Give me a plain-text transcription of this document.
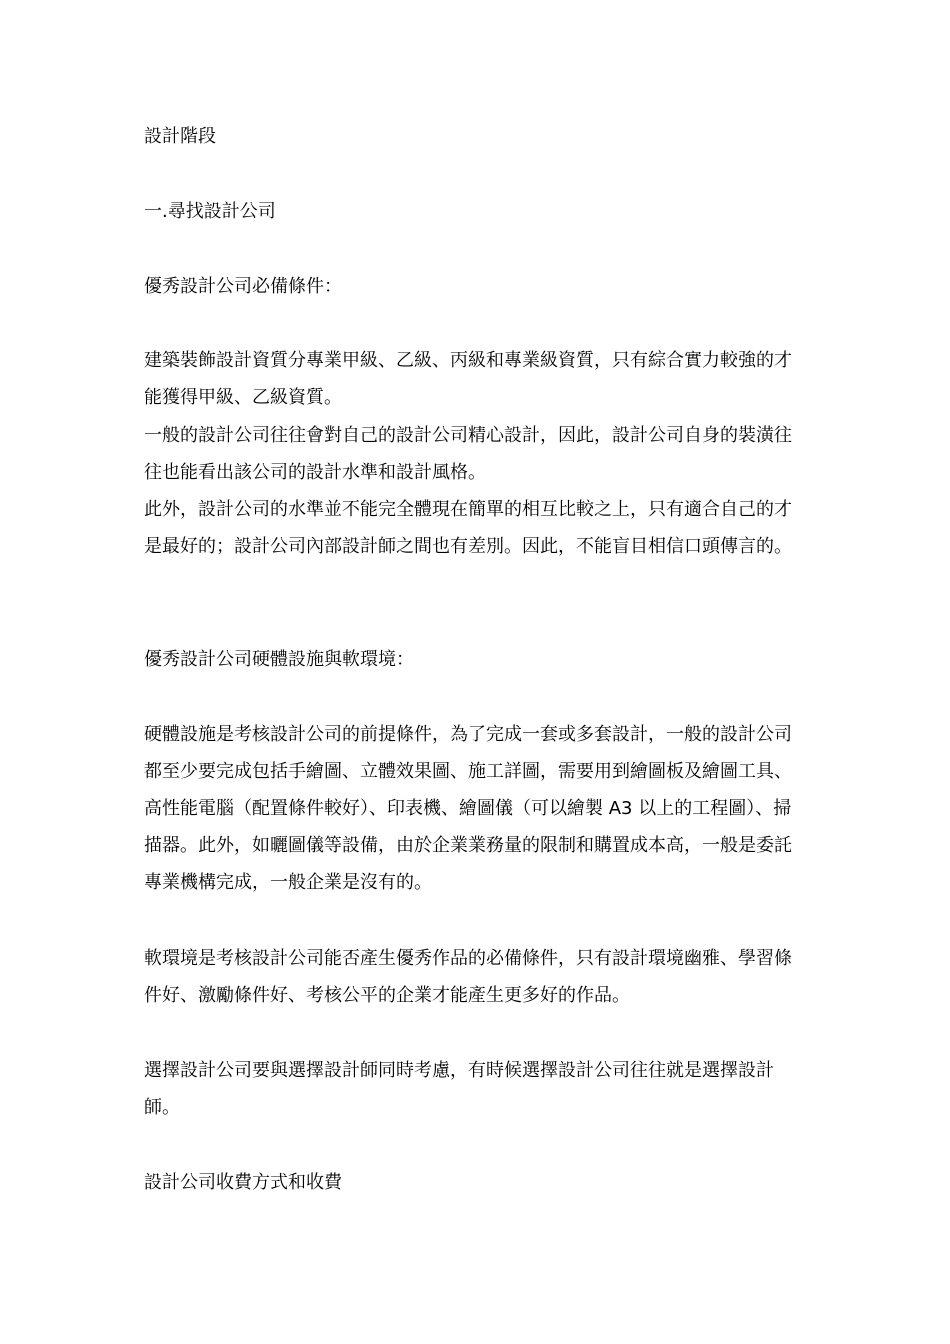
設計階段

一.尋找設計公司

優秀設計公司必備條件：

建築裝飾設計資質分專業甲級、乙級、丙級和專業級資質，只有綜合實力較強的才能獲得甲級、乙級資質。

一般的設計公司往往會對自己的設計公司精心設計，因此，設計公司自身的裝潢往往也能看出該公司的設計水準和設計風格。

此外，設計公司的水準並不能完全體現在簡單的相互比較之上，只有適合自己的才是最好的；設計公司內部設計師之間也有差別。因此，不能盲目相信口頭傳言的。

優秀設計公司硬體設施與軟環境：

硬體設施是考核設計公司的前提條件，為了完成一套或多套設計，一般的設計公司都至少要完成包括手繪圖、立體效果圖、施工詳圖，需要用到繪圖板及繪圖工具、高性能電腦（配置條件較好）、印表機、繪圖儀（可以繪製 A3 以上的工程圖）、掃描器。此外，如曬圖儀等設備，由於企業業務量的限制和購置成本高，一般是委託專業機構完成，一般企業是沒有的。

軟環境是考核設計公司能否產生優秀作品的必備條件，只有設計環境幽雅、學習條件好、激勵條件好、考核公平的企業才能產生更多好的作品。

選擇設計公司要與選擇設計師同時考慮，有時候選擇設計公司往往就是選擇設計師。

設計公司收費方式和收費
